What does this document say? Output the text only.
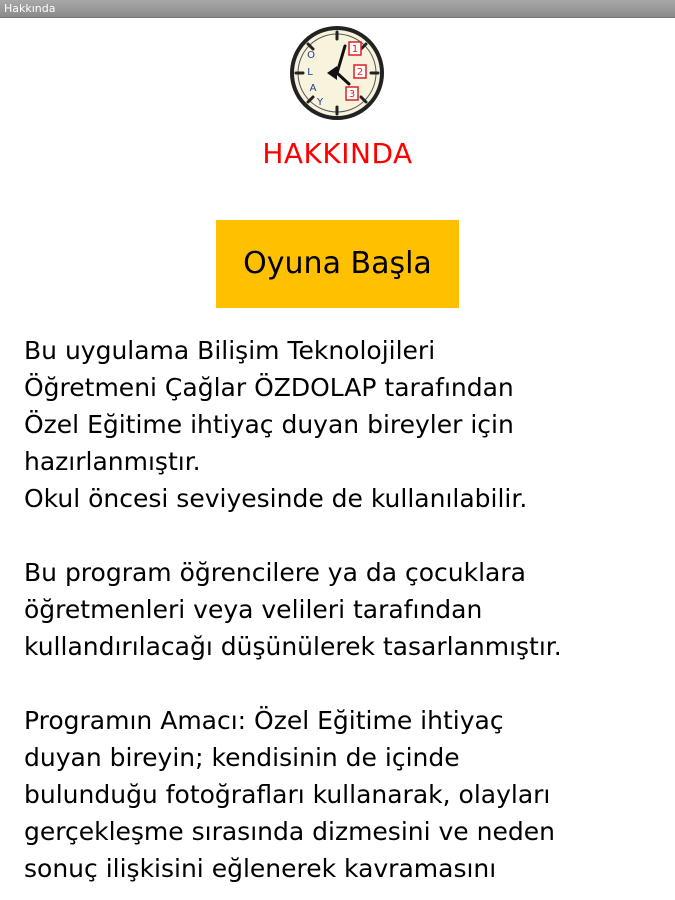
Hakkında
O
L
A
Y
1
2
3
HAKKINDA
Oyuna Başla
Bu uygulama Bilişim Teknolojileri
Öğretmeni Çağlar ÖZDOLAP tarafından
Özel Eğitime ihtiyaç duyan bireyler için
hazırlanmıştır.
Okul öncesi seviyesinde de kullanılabilir.
Bu program öğrencilere ya da çocuklara
öğretmenleri veya velileri tarafından
kullandırılacağı düşünülerek tasarlanmıştır.
Programın Amacı: Özel Eğitime ihtiyaç
duyan bireyin; kendisinin de içinde
bulunduğu fotoğrafları kullanarak, olayları
gerçekleşme sırasında dizmesini ve neden
sonuç ilişkisini eğlenerek kavramasını
